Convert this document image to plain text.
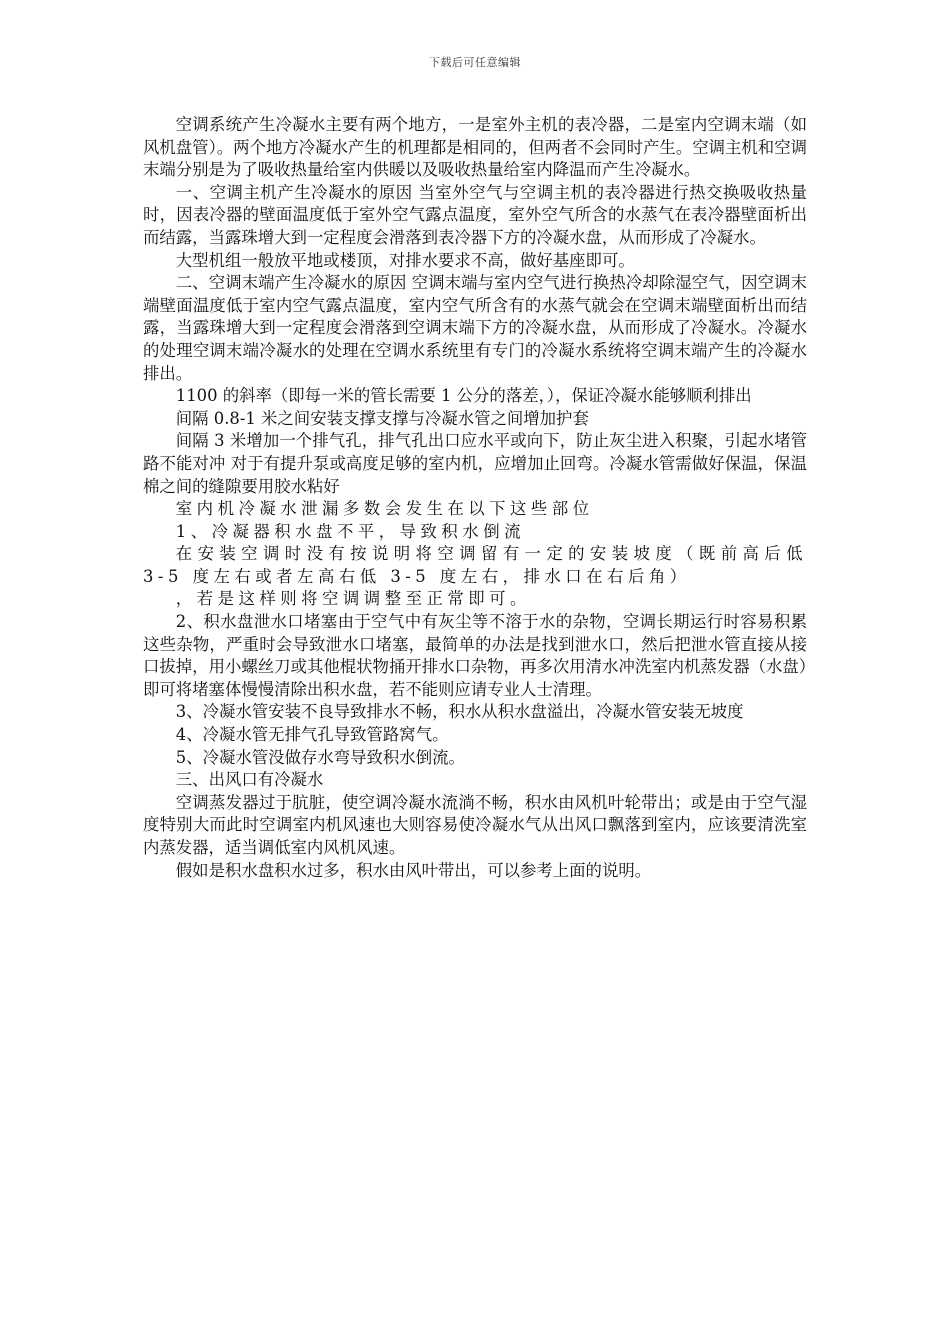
下载后可任意编辑

空调系统产生冷凝水主要有两个地方，一是室外主机的表冷器，二是室内空调末端（如风机盘管）。两个地方冷凝水产生的机理都是相同的，但两者不会同时产生。空调主机和空调末端分别是为了吸收热量给室内供暖以及吸收热量给室内降温而产生冷凝水。

一、空调主机产生冷凝水的原因 当室外空气与空调主机的表冷器进行热交换吸收热量时，因表冷器的壁面温度低于室外空气露点温度，室外空气所含的水蒸气在表冷器壁面析出而结露，当露珠增大到一定程度会滑落到表冷器下方的冷凝水盘，从而形成了冷凝水。

大型机组一般放平地或楼顶，对排水要求不高，做好基座即可。

二、空调末端产生冷凝水的原因 空调末端与室内空气进行换热冷却除湿空气，因空调末端壁面温度低于室内空气露点温度，室内空气所含有的水蒸气就会在空调末端壁面析出而结露，当露珠增大到一定程度会滑落到空调末端下方的冷凝水盘，从而形成了冷凝水。冷凝水的处理空调末端冷凝水的处理在空调水系统里有专门的冷凝水系统将空调末端产生的冷凝水排出。

1100 的斜率（即每一米的管长需要 1 公分的落差，），保证冷凝水能够顺利排出

间隔 0.8-1 米之间安装支撑支撑与冷凝水管之间增加护套

间隔 3 米增加一个排气孔，排气孔出口应水平或向下，防止灰尘进入积聚，引起水堵管路不能对冲 对于有提升泵或高度足够的室内机，应增加止回弯。冷凝水管需做好保温，保温棉之间的缝隙要用胶水粘好

室内机冷凝水泄漏多数会发生在以下这些部位

1、冷凝器积水盘不平，导致积水倒流

在安装空调时没有按说明将空调留有一定的安装坡度（既前高后低 3-5 度左右或者左高右低 3-5 度左右，排水口在右后角）

，若是这样则将空调调整至正常即可。

2、积水盘泄水口堵塞由于空气中有灰尘等不溶于水的杂物，空调长期运行时容易积累这些杂物，严重时会导致泄水口堵塞，最简单的办法是找到泄水口，然后把泄水管直接从接口拔掉，用小螺丝刀或其他棍状物捅开排水口杂物，再多次用清水冲洗室内机蒸发器（水盘）即可将堵塞体慢慢清除出积水盘，若不能则应请专业人士清理。

3、冷凝水管安装不良导致排水不畅，积水从积水盘溢出，冷凝水管安装无坡度

4、冷凝水管无排气孔导致管路窝气。

5、冷凝水管没做存水弯导致积水倒流。

三、出风口有冷凝水

空调蒸发器过于肮脏，使空调冷凝水流淌不畅，积水由风机叶轮带出；或是由于空气湿度特别大而此时空调室内机风速也大则容易使冷凝水气从出风口飘落到室内，应该要清洗室内蒸发器，适当调低室内风机风速。

假如是积水盘积水过多，积水由风叶带出，可以参考上面的说明。
